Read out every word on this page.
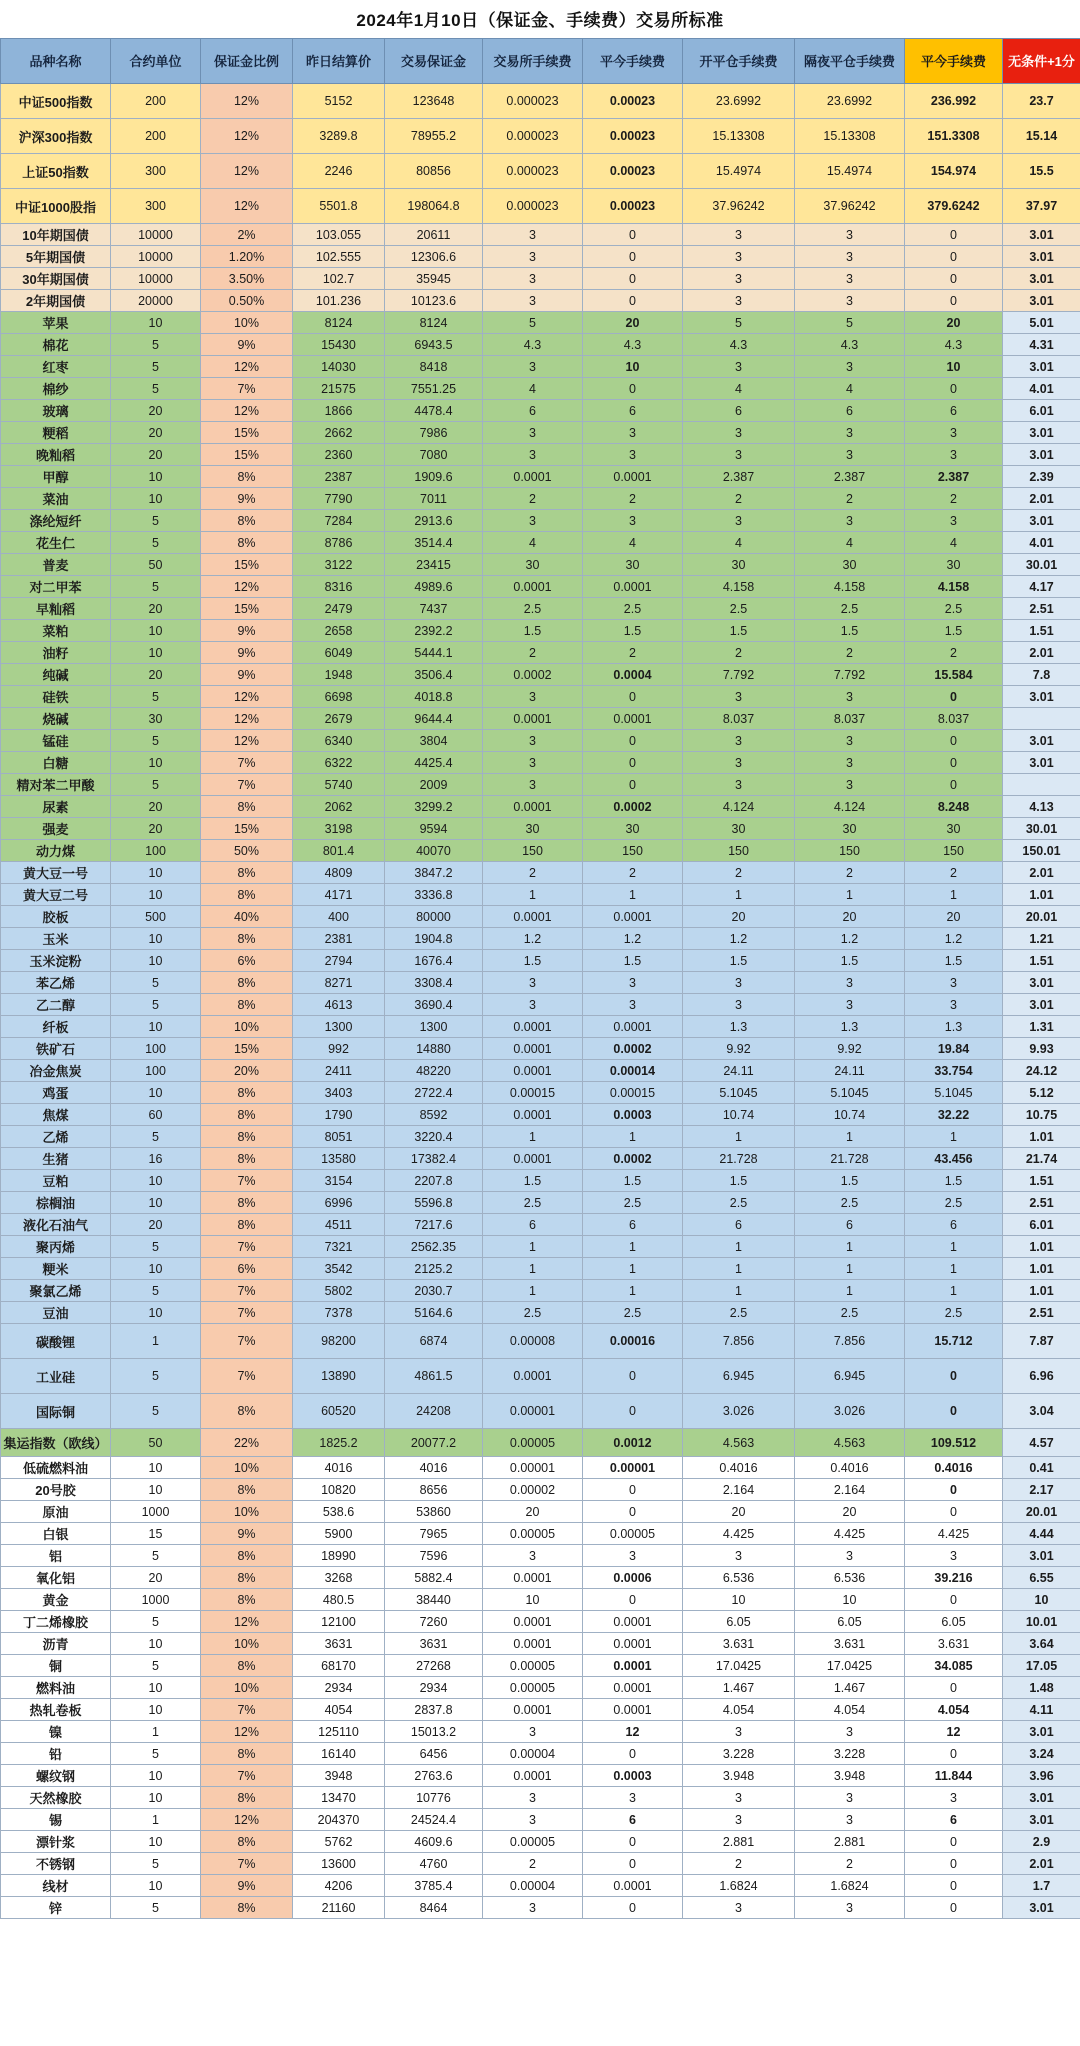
2024年1月10日（保证金、手续费）交易所标准
品种名称	合约单位	保证金比例	昨日结算价	交易保证金	交易所手续费	平今手续费	开平仓手续费	隔夜平仓手续费	平今手续费	无条件+1分
中证500指数	200	12%	5152	123648	0.000023	0.00023	23.6992	23.6992	236.992	23.7
沪深300指数	200	12%	3289.8	78955.2	0.000023	0.00023	15.13308	15.13308	151.3308	15.14
上证50指数	300	12%	2246	80856	0.000023	0.00023	15.4974	15.4974	154.974	15.5
中证1000股指	300	12%	5501.8	198064.8	0.000023	0.00023	37.96242	37.96242	379.6242	37.97
10年期国债	10000	2%	103.055	20611	3	0	3	3	0	3.01
5年期国债	10000	1.20%	102.555	12306.6	3	0	3	3	0	3.01
30年期国债	10000	3.50%	102.7	35945	3	0	3	3	0	3.01
2年期国债	20000	0.50%	101.236	10123.6	3	0	3	3	0	3.01
苹果	10	10%	8124	8124	5	20	5	5	20	5.01
棉花	5	9%	15430	6943.5	4.3	4.3	4.3	4.3	4.3	4.31
红枣	5	12%	14030	8418	3	10	3	3	10	3.01
棉纱	5	7%	21575	7551.25	4	0	4	4	0	4.01
玻璃	20	12%	1866	4478.4	6	6	6	6	6	6.01
粳稻	20	15%	2662	7986	3	3	3	3	3	3.01
晚籼稻	20	15%	2360	7080	3	3	3	3	3	3.01
甲醇	10	8%	2387	1909.6	0.0001	0.0001	2.387	2.387	2.387	2.39
菜油	10	9%	7790	7011	2	2	2	2	2	2.01
涤纶短纤	5	8%	7284	2913.6	3	3	3	3	3	3.01
花生仁	5	8%	8786	3514.4	4	4	4	4	4	4.01
普麦	50	15%	3122	23415	30	30	30	30	30	30.01
对二甲苯	5	12%	8316	4989.6	0.0001	0.0001	4.158	4.158	4.158	4.17
早籼稻	20	15%	2479	7437	2.5	2.5	2.5	2.5	2.5	2.51
菜粕	10	9%	2658	2392.2	1.5	1.5	1.5	1.5	1.5	1.51
油籽	10	9%	6049	5444.1	2	2	2	2	2	2.01
纯碱	20	9%	1948	3506.4	0.0002	0.0004	7.792	7.792	15.584	7.8
硅铁	5	12%	6698	4018.8	3	0	3	3	0	3.01
烧碱	30	12%	2679	9644.4	0.0001	0.0001	8.037	8.037	8.037	
锰硅	5	12%	6340	3804	3	0	3	3	0	3.01
白糖	10	7%	6322	4425.4	3	0	3	3	0	3.01
精对苯二甲酸	5	7%	5740	2009	3	0	3	3	0	
尿素	20	8%	2062	3299.2	0.0001	0.0002	4.124	4.124	8.248	4.13
强麦	20	15%	3198	9594	30	30	30	30	30	30.01
动力煤	100	50%	801.4	40070	150	150	150	150	150	150.01
黄大豆一号	10	8%	4809	3847.2	2	2	2	2	2	2.01
黄大豆二号	10	8%	4171	3336.8	1	1	1	1	1	1.01
胶板	500	40%	400	80000	0.0001	0.0001	20	20	20	20.01
玉米	10	8%	2381	1904.8	1.2	1.2	1.2	1.2	1.2	1.21
玉米淀粉	10	6%	2794	1676.4	1.5	1.5	1.5	1.5	1.5	1.51
苯乙烯	5	8%	8271	3308.4	3	3	3	3	3	3.01
乙二醇	5	8%	4613	3690.4	3	3	3	3	3	3.01
纤板	10	10%	1300	1300	0.0001	0.0001	1.3	1.3	1.3	1.31
铁矿石	100	15%	992	14880	0.0001	0.0002	9.92	9.92	19.84	9.93
冶金焦炭	100	20%	2411	48220	0.0001	0.00014	24.11	24.11	33.754	24.12
鸡蛋	10	8%	3403	2722.4	0.00015	0.00015	5.1045	5.1045	5.1045	5.12
焦煤	60	8%	1790	8592	0.0001	0.0003	10.74	10.74	32.22	10.75
乙烯	5	8%	8051	3220.4	1	1	1	1	1	1.01
生猪	16	8%	13580	17382.4	0.0001	0.0002	21.728	21.728	43.456	21.74
豆粕	10	7%	3154	2207.8	1.5	1.5	1.5	1.5	1.5	1.51
棕榈油	10	8%	6996	5596.8	2.5	2.5	2.5	2.5	2.5	2.51
液化石油气	20	8%	4511	7217.6	6	6	6	6	6	6.01
聚丙烯	5	7%	7321	2562.35	1	1	1	1	1	1.01
粳米	10	6%	3542	2125.2	1	1	1	1	1	1.01
聚氯乙烯	5	7%	5802	2030.7	1	1	1	1	1	1.01
豆油	10	7%	7378	5164.6	2.5	2.5	2.5	2.5	2.5	2.51
碳酸锂	1	7%	98200	6874	0.00008	0.00016	7.856	7.856	15.712	7.87
工业硅	5	7%	13890	4861.5	0.0001	0	6.945	6.945	0	6.96
国际铜	5	8%	60520	24208	0.00001	0	3.026	3.026	0	3.04
集运指数（欧线）	50	22%	1825.2	20077.2	0.00005	0.0012	4.563	4.563	109.512	4.57
低硫燃料油	10	10%	4016	4016	0.00001	0.00001	0.4016	0.4016	0.4016	0.41
20号胶	10	8%	10820	8656	0.00002	0	2.164	2.164	0	2.17
原油	1000	10%	538.6	53860	20	0	20	20	0	20.01
白银	15	9%	5900	7965	0.00005	0.00005	4.425	4.425	4.425	4.44
铝	5	8%	18990	7596	3	3	3	3	3	3.01
氧化铝	20	8%	3268	5882.4	0.0001	0.0006	6.536	6.536	39.216	6.55
黄金	1000	8%	480.5	38440	10	0	10	10	0	10
丁二烯橡胶	5	12%	12100	7260	0.0001	0.0001	6.05	6.05	6.05	10.01
沥青	10	10%	3631	3631	0.0001	0.0001	3.631	3.631	3.631	3.64
铜	5	8%	68170	27268	0.00005	0.0001	17.0425	17.0425	34.085	17.05
燃料油	10	10%	2934	2934	0.00005	0.0001	1.467	1.467	0	1.48
热轧卷板	10	7%	4054	2837.8	0.0001	0.0001	4.054	4.054	4.054	4.11
镍	1	12%	125110	15013.2	3	12	3	3	12	3.01
铅	5	8%	16140	6456	0.00004	0	3.228	3.228	0	3.24
螺纹钢	10	7%	3948	2763.6	0.0001	0.0003	3.948	3.948	11.844	3.96
天然橡胶	10	8%	13470	10776	3	3	3	3	3	3.01
锡	1	12%	204370	24524.4	3	6	3	3	6	3.01
漂针浆	10	8%	5762	4609.6	0.00005	0	2.881	2.881	0	2.9
不锈钢	5	7%	13600	4760	2	0	2	2	0	2.01
线材	10	9%	4206	3785.4	0.00004	0.0001	1.6824	1.6824	0	1.7
锌	5	8%	21160	8464	3	0	3	3	0	3.01
